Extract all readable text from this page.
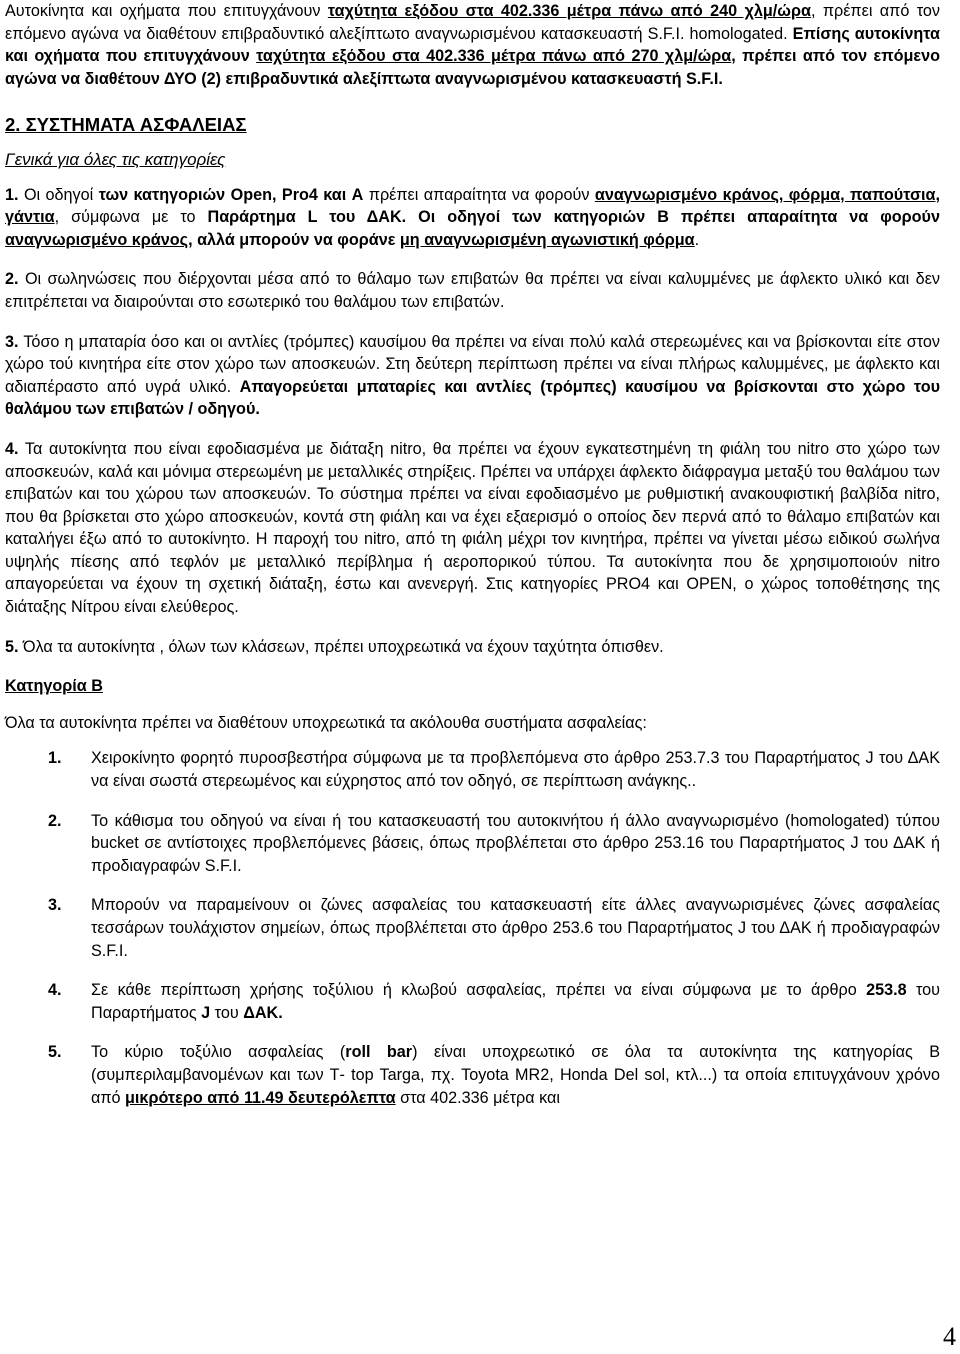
Αυτοκίνητα και οχήματα που επιτυγχάνουν ταχύτητα εξόδου στα 402.336 μέτρα πάνω από 240 χλμ/ώρα, πρέπει από τον επόμενο αγώνα να διαθέτουν επιβραδυντικό αλεξίπτωτο αναγνωρισμένου κατασκευαστή S.F.I. homologated. Επίσης αυτοκίνητα και οχήματα που επιτυγχάνουν ταχύτητα εξόδου στα 402.336 μέτρα πάνω από 270 χλμ/ώρα, πρέπει από τον επόμενο αγώνα να διαθέτουν ΔΥΟ (2) επιβραδυντικά αλεξίπτωτα αναγνωρισμένου κατασκευαστή S.F.I.

2. ΣΥΣΤΗΜΑΤΑ ΑΣΦΑΛΕΙΑΣ

Γενικά για όλες τις κατηγορίες

1. Οι οδηγοί των κατηγοριών Open, Pro4 και A πρέπει απαραίτητα να φορούν αναγνωρισμένο κράνος, φόρμα, παπούτσια, γάντια, σύμφωνα με το Παράρτημα L του ΔΑΚ. Οι οδηγοί των κατηγοριών Β πρέπει απαραίτητα να φορούν αναγνωρισμένο κράνος, αλλά μπορούν να φοράνε μη αναγνωρισμένη αγωνιστική φόρμα.

2. Οι σωληνώσεις που διέρχονται μέσα από το θάλαμο των επιβατών θα πρέπει να είναι καλυμμένες με άφλεκτο υλικό και δεν επιτρέπεται να διαιρούνται στο εσωτερικό του θαλάμου των επιβατών.

3. Τόσο η μπαταρία όσο και οι αντλίες (τρόμπες) καυσίμου θα πρέπει να είναι πολύ καλά στερεωμένες και να βρίσκονται είτε στον χώρο τού κινητήρα είτε στον χώρο των αποσκευών. Στη δεύτερη περίπτωση πρέπει να είναι πλήρως καλυμμένες, με άφλεκτο και αδιαπέραστο από υγρά υλικό. Απαγορεύεται μπαταρίες και αντλίες (τρόμπες) καυσίμου να βρίσκονται στο χώρο του θαλάμου των επιβατών / οδηγού.

4. Τα αυτοκίνητα που είναι εφοδιασμένα με διάταξη nitro, θα πρέπει να έχουν εγκατεστημένη τη φιάλη του nitro στο χώρο των αποσκευών, καλά και μόνιμα στερεωμένη με μεταλλικές στηρίξεις. Πρέπει να υπάρχει άφλεκτο διάφραγμα μεταξύ του θαλάμου των επιβατών και του χώρου των αποσκευών. Το σύστημα πρέπει να είναι εφοδιασμένο με ρυθμιστική ανακουφιστική βαλβίδα nitro, που θα βρίσκεται στο χώρο αποσκευών, κοντά στη φιάλη και να έχει εξαερισμό ο οποίος δεν περνά από το θάλαμο επιβατών και καταλήγει έξω από το αυτοκίνητο. Η παροχή του nitro, από τη φιάλη μέχρι τον κινητήρα, πρέπει να γίνεται μέσω ειδικού σωλήνα υψηλής πίεσης από τεφλόν με μεταλλικό περίβλημα ή αεροπορικού τύπου. Τα αυτοκίνητα που δε χρησιμοποιούν nitro απαγορεύεται να έχουν τη σχετική διάταξη, έστω και ανενεργή. Στις κατηγορίες PRO4 και OPEN, ο χώρος τοποθέτησης της διάταξης Νίτρου είναι ελεύθερος.

5. Όλα τα αυτοκίνητα , όλων των κλάσεων, πρέπει υποχρεωτικά να έχουν ταχύτητα όπισθεν.

Κατηγορία Β

Όλα τα αυτοκίνητα πρέπει να διαθέτουν υποχρεωτικά τα ακόλουθα συστήματα ασφαλείας:

1.	Χειροκίνητο φορητό πυροσβεστήρα σύμφωνα με τα προβλεπόμενα στο άρθρο 253.7.3 του Παραρτήματος J του ΔΑΚ να είναι σωστά στερεωμένος και εύχρηστος από τον οδηγό, σε περίπτωση ανάγκης..
2.	Το κάθισμα του οδηγού να είναι ή του κατασκευαστή του αυτοκινήτου ή άλλο αναγνωρισμένο (homologated) τύπου bucket σε αντίστοιχες προβλεπόμενες βάσεις, όπως προβλέπεται στο άρθρο 253.16 του Παραρτήματος J του ΔΑΚ ή προδιαγραφών S.F.I.
3.	Μπορούν να παραμείνουν οι ζώνες ασφαλείας του κατασκευαστή είτε άλλες αναγνωρισμένες ζώνες ασφαλείας τεσσάρων τουλάχιστον σημείων, όπως προβλέπεται στο άρθρο 253.6 του Παραρτήματος J του ΔΑΚ ή προδιαγραφών S.F.I.
4.	Σε κάθε περίπτωση χρήσης τοξύλιου ή κλωβού ασφαλείας, πρέπει να είναι σύμφωνα με το άρθρο 253.8 του Παραρτήματος J του ΔΑΚ.
5.	Το κύριο τοξύλιο ασφαλείας (roll bar) είναι υποχρεωτικό σε όλα τα αυτοκίνητα της κατηγορίας Β (συμπεριλαμβανομένων και των Τ- top Targa, πχ. Toyota MR2, Honda Del sol, κτλ...) τα οποία επιτυγχάνουν χρόνο από μικρότερο από 11.49 δευτερόλεπτα στα 402.336 μέτρα και
4
